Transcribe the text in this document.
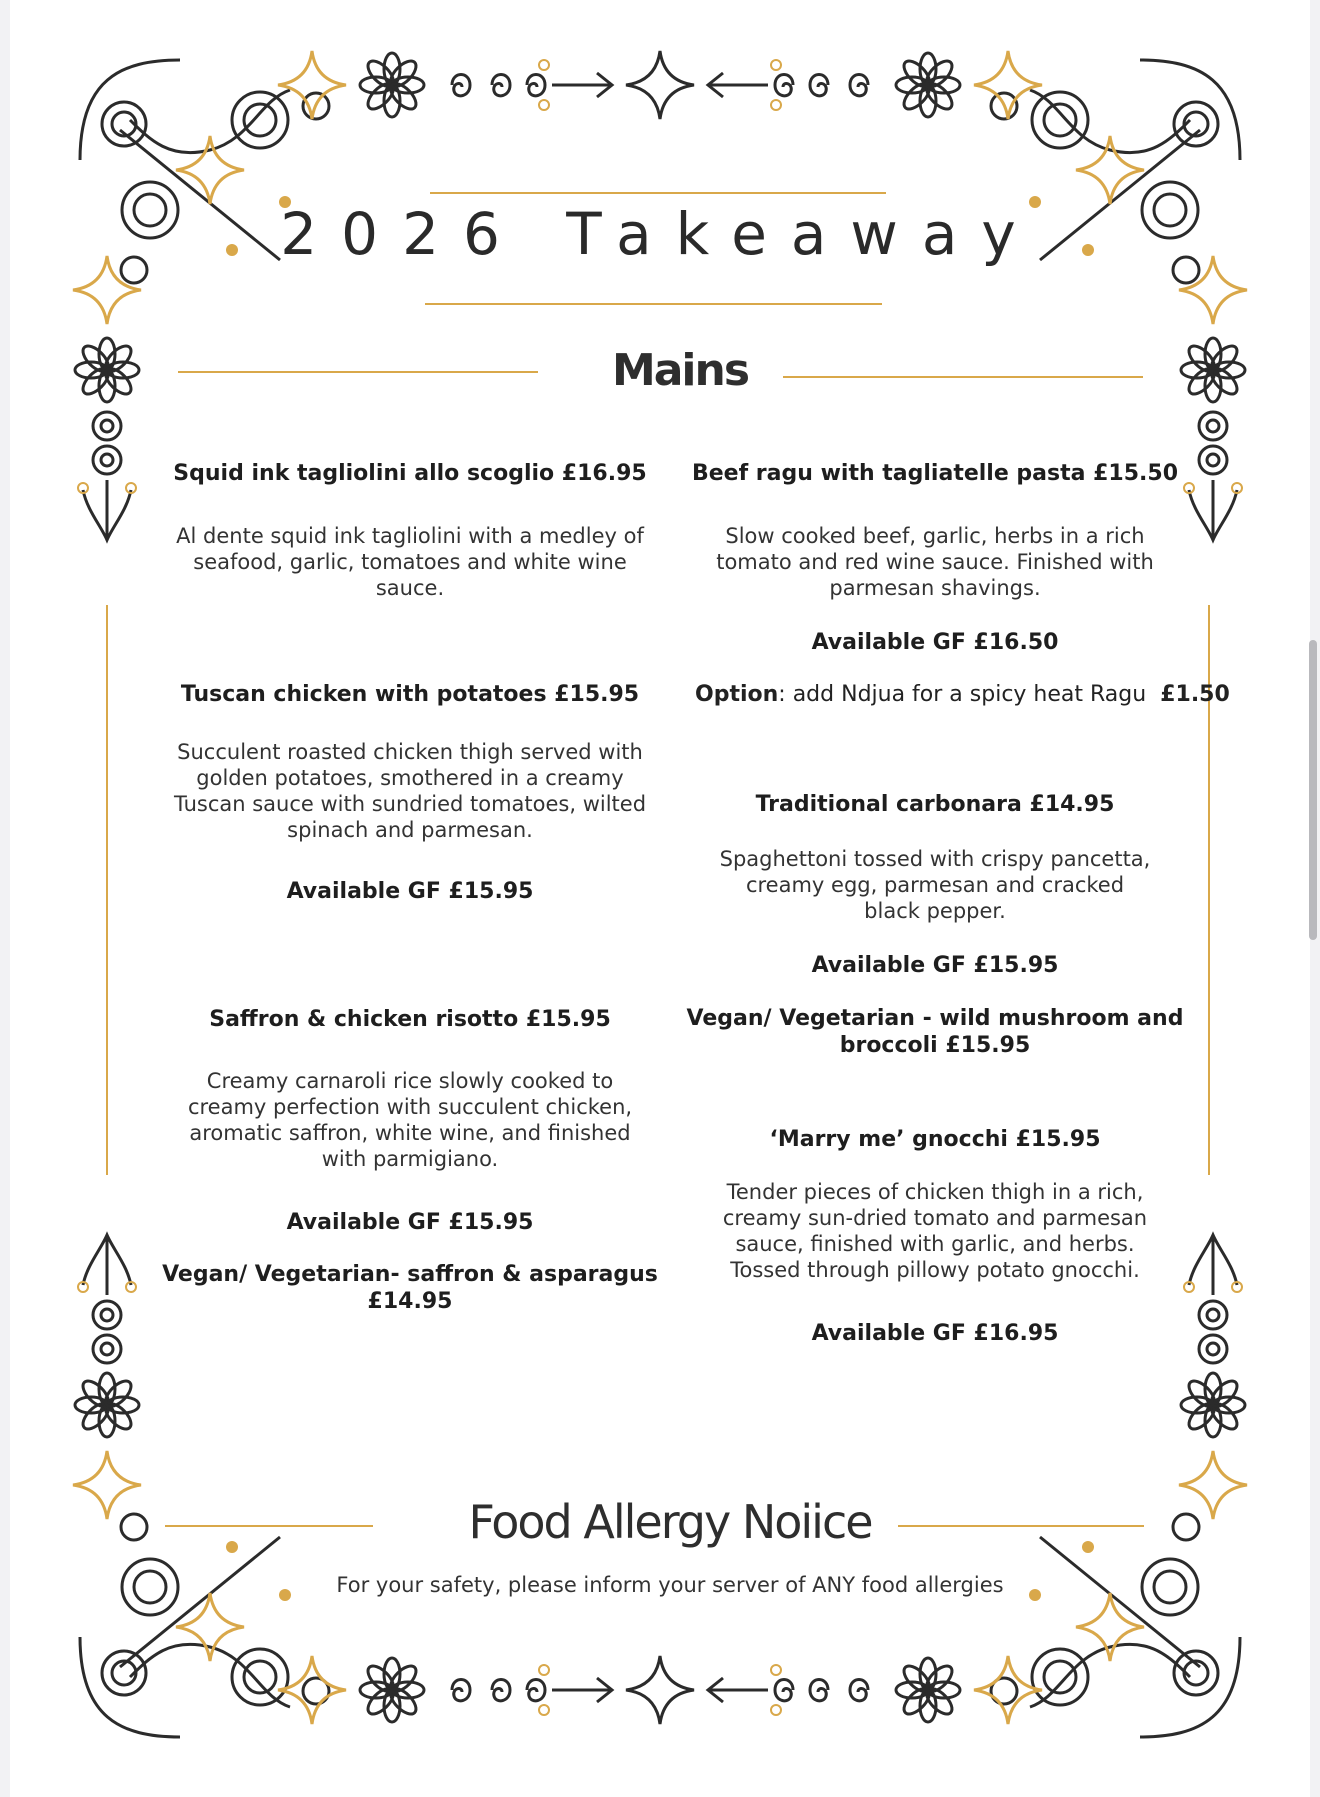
2026 Takeaway
Mains
Squid ink tagliolini allo scoglio £16.95
Al dente squid ink tagliolini with a medley of seafood, garlic, tomatoes and white wine sauce.
Tuscan chicken with potatoes £15.95
Succulent roasted chicken thigh served with golden potatoes, smothered in a creamy Tuscan sauce with sundried tomatoes, wilted spinach and parmesan.
Available GF £15.95
Saffron & chicken risotto £15.95
Creamy carnaroli rice slowly cooked to creamy perfection with succulent chicken, aromatic saffron, white wine, and finished with parmigiano.
Available GF £15.95
Vegan/ Vegetarian- saffron & asparagus £14.95
Beef ragu with tagliatelle pasta £15.50
Slow cooked beef, garlic, herbs in a rich tomato and red wine sauce. Finished with parmesan shavings.
Available GF £16.50
Option: add Ndjua for a spicy heat Ragu £1.50
Traditional carbonara £14.95
Spaghettoni tossed with crispy pancetta, creamy egg, parmesan and cracked black pepper.
Available GF £15.95
Vegan/ Vegetarian - wild mushroom and broccoli £15.95
‘Marry me’ gnocchi £15.95
Tender pieces of chicken thigh in a rich, creamy sun-dried tomato and parmesan sauce, finished with garlic, and herbs. Tossed through pillowy potato gnocchi.
Available GF £16.95
Food Allergy Noiice
For your safety, please inform your server of ANY food allergies
